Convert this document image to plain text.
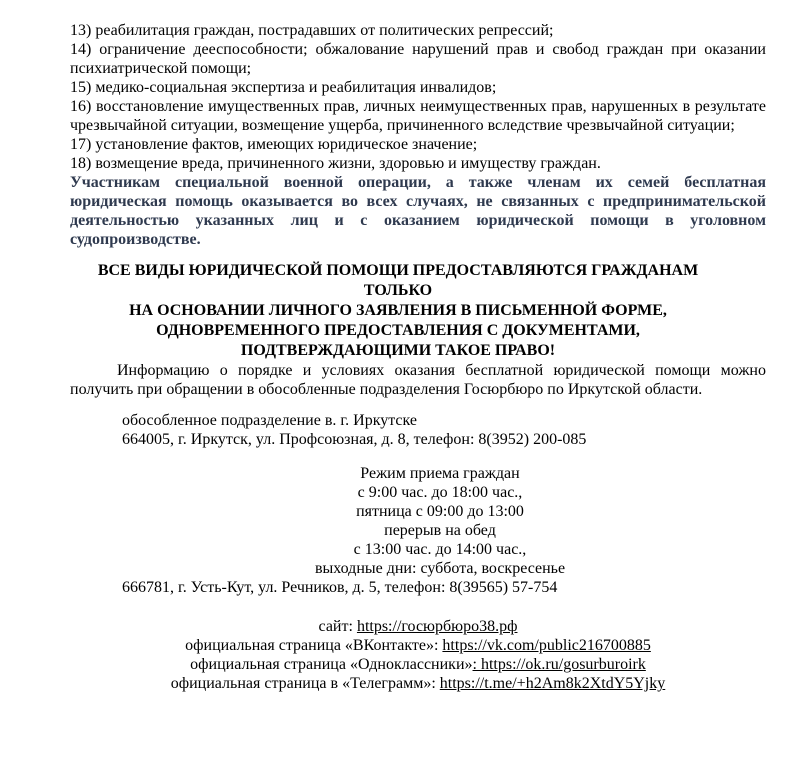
13) реабилитация граждан, пострадавших от политических репрессий;

14) ограничение дееспособности; обжалование нарушений прав и свобод граждан при оказании психиатрической помощи;

15) медико-социальная экспертиза и реабилитация инвалидов;

16) восстановление имущественных прав, личных неимущественных прав, нарушенных в результате чрезвычайной ситуации, возмещение ущерба, причиненного вследствие чрезвычайной ситуации;

17) установление фактов, имеющих юридическое значение;

18) возмещение вреда, причиненного жизни, здоровью и имуществу граждан.

Участникам специальной военной операции, а также членам их семей бесплатная юридическая помощь оказывается во всех случаях, не связанных с предпринимательской деятельностью указанных лиц и с оказанием юридической помощи в уголовном судопроизводстве.

ВСЕ ВИДЫ ЮРИДИЧЕСКОЙ ПОМОЩИ ПРЕДОСТАВЛЯЮТСЯ ГРАЖДАНАМ ТОЛЬКО

НА ОСНОВАНИИ ЛИЧНОГО ЗАЯВЛЕНИЯ В ПИСЬМЕННОЙ ФОРМЕ,

ОДНОВРЕМЕННОГО ПРЕДОСТАВЛЕНИЯ С ДОКУМЕНТАМИ,

ПОДТВЕРЖДАЮЩИМИ ТАКОЕ ПРАВО!

Информацию о порядке и условиях оказания бесплатной юридической помощи можно получить при обращении в обособленные подразделения Госюрбюро по Иркутской области.

обособленное подразделение в. г. Иркутске

664005, г. Иркутск, ул. Профсоюзная, д. 8, телефон: 8(3952) 200-085

Режим приема граждан

с 9:00 час. до 18:00 час.,

пятница с 09:00 до 13:00

перерыв на обед

с 13:00 час. до 14:00 час.,

выходные дни: суббота, воскресенье

666781, г. Усть-Кут, ул. Речников, д. 5, телефон: 8(39565) 57-754

сайт: https://госюрбюро38.рф

официальная страница «ВКонтакте»: https://vk.com/public216700885

официальная страница «Одноклассники»: https://ok.ru/gosurburoirk

официальная страница в «Телеграмм»: https://t.me/+h2Am8k2XtdY5Yjky
